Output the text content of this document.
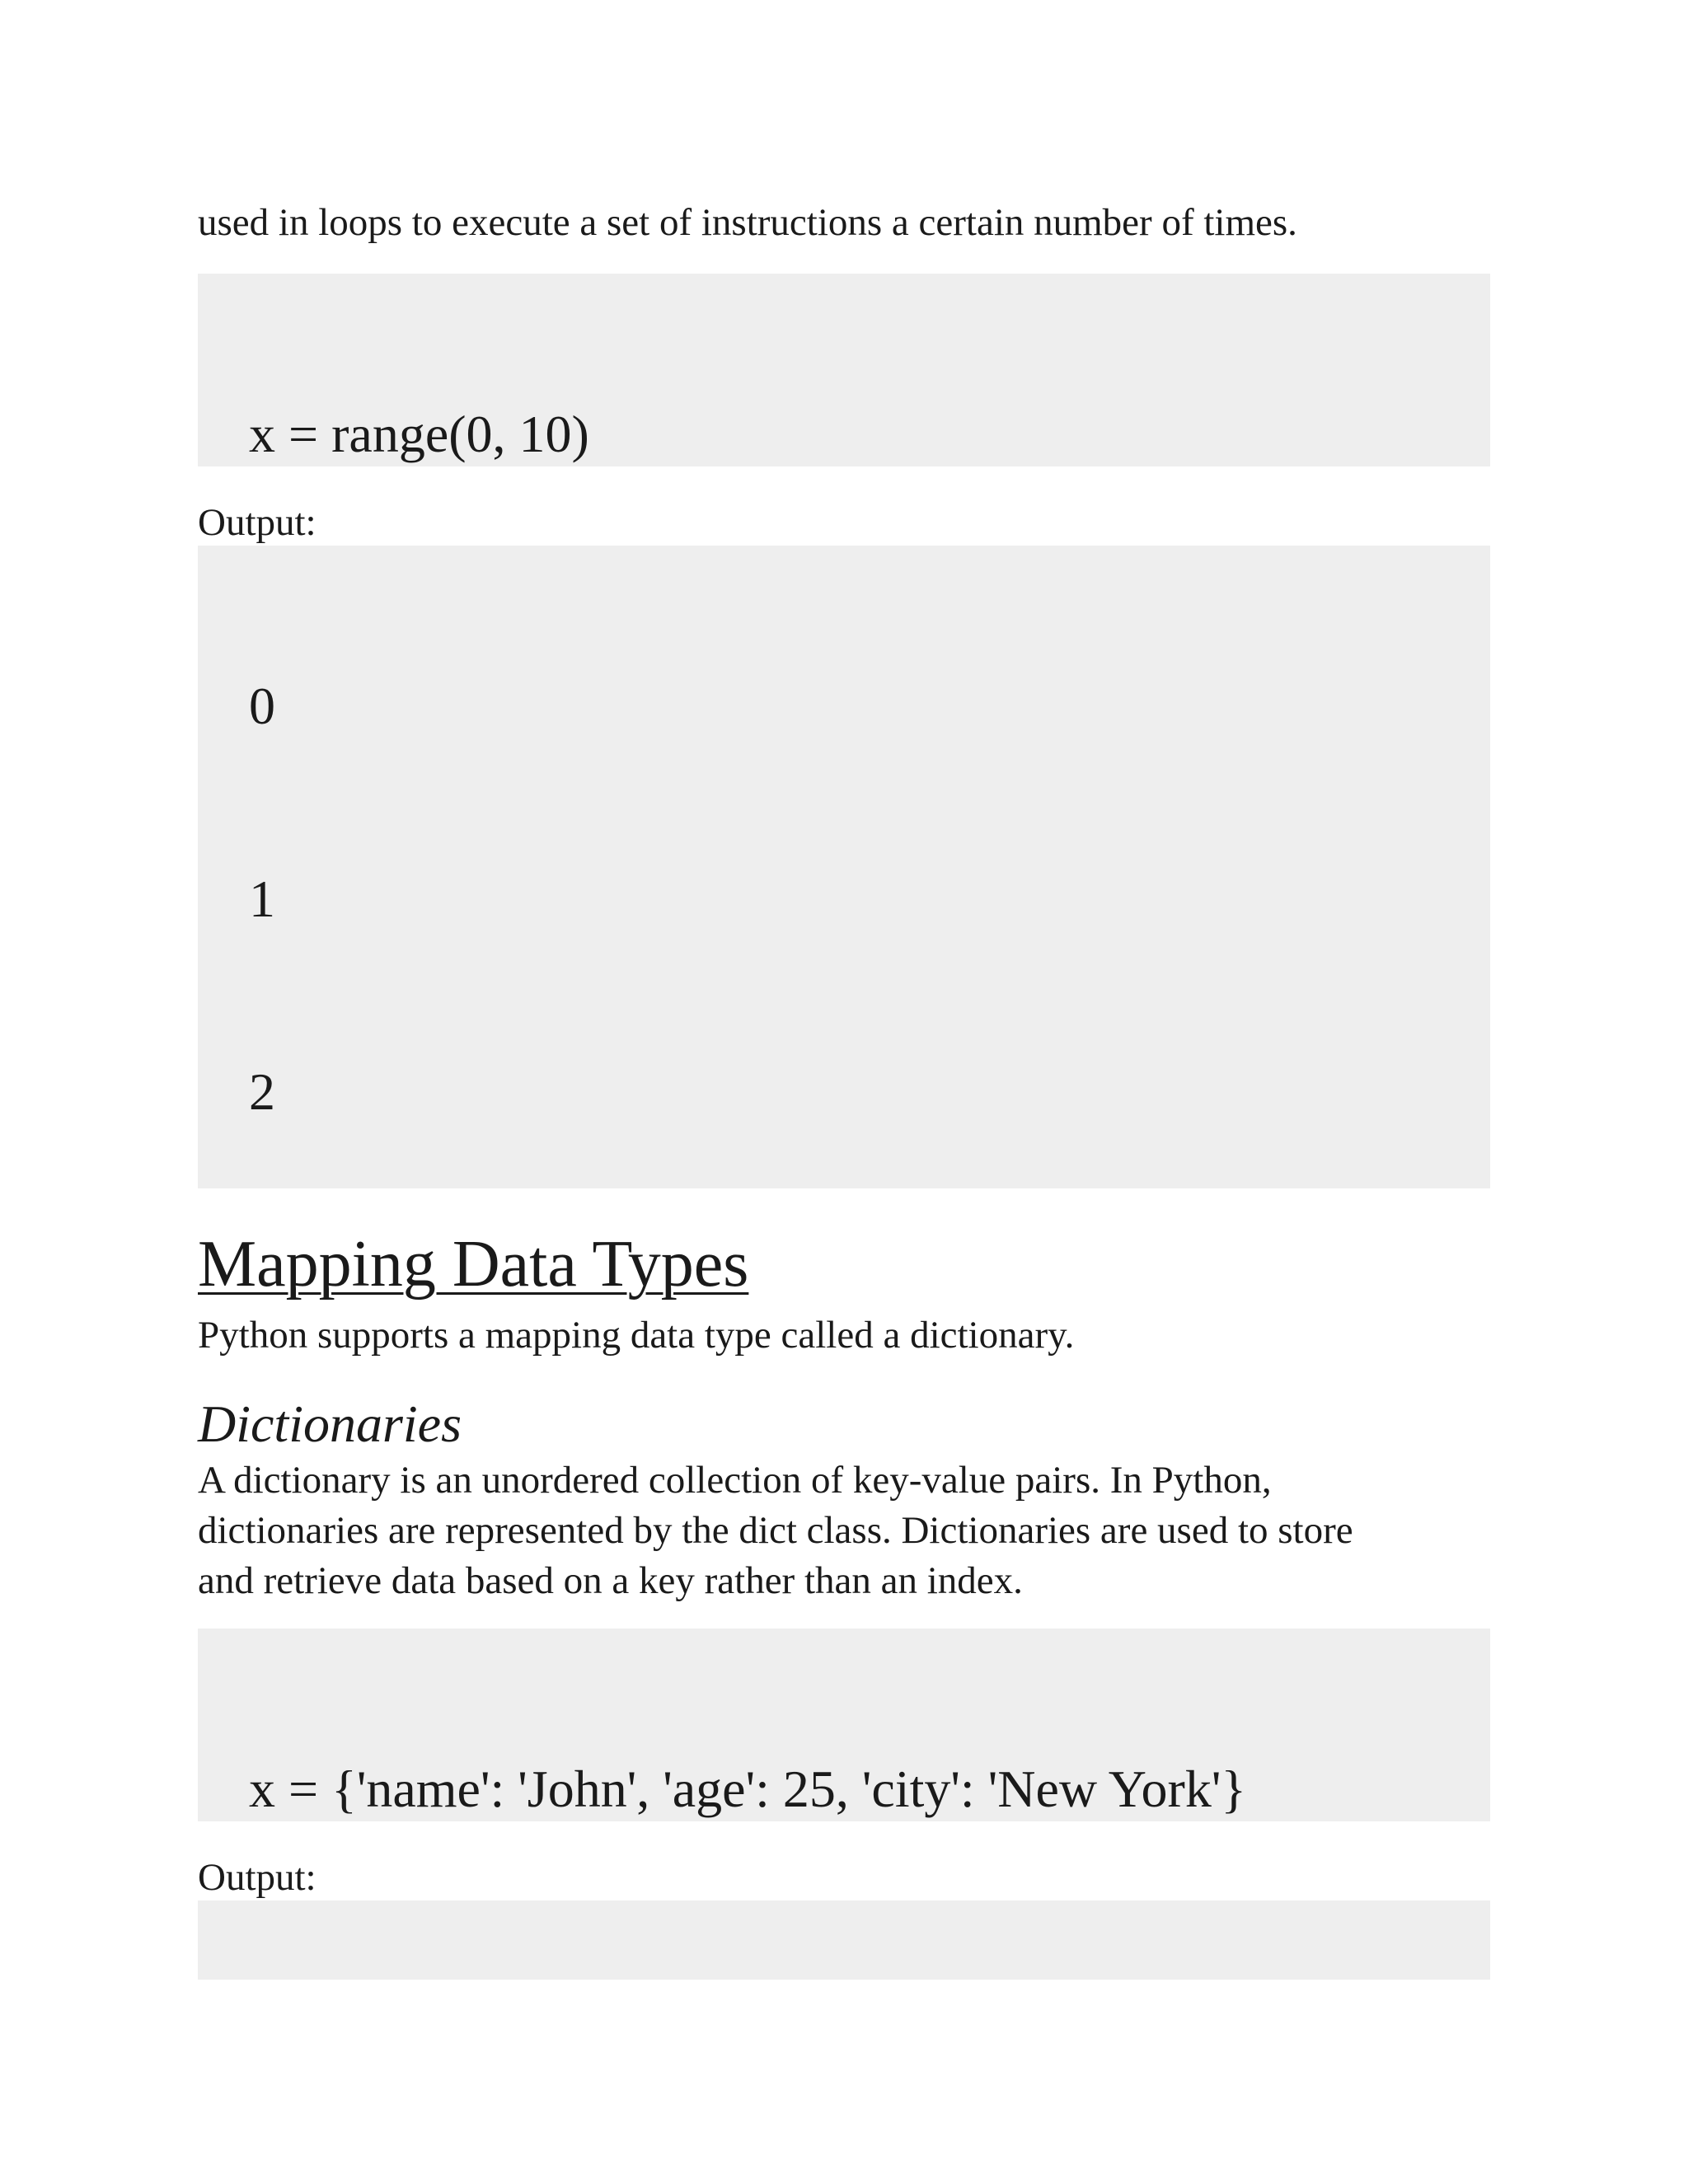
used in loops to execute a set of instructions a certain number of times.

x = range(0, 10)

Output:

0

1

2

Mapping Data Types

Python supports a mapping data type called a dictionary.

Dictionaries

A dictionary is an unordered collection of key-value pairs. In Python,

dictionaries are represented by the dict class. Dictionaries are used to store

and retrieve data based on a key rather than an index.

x = {'name': 'John', 'age': 25, 'city': 'New York'}

Output:
